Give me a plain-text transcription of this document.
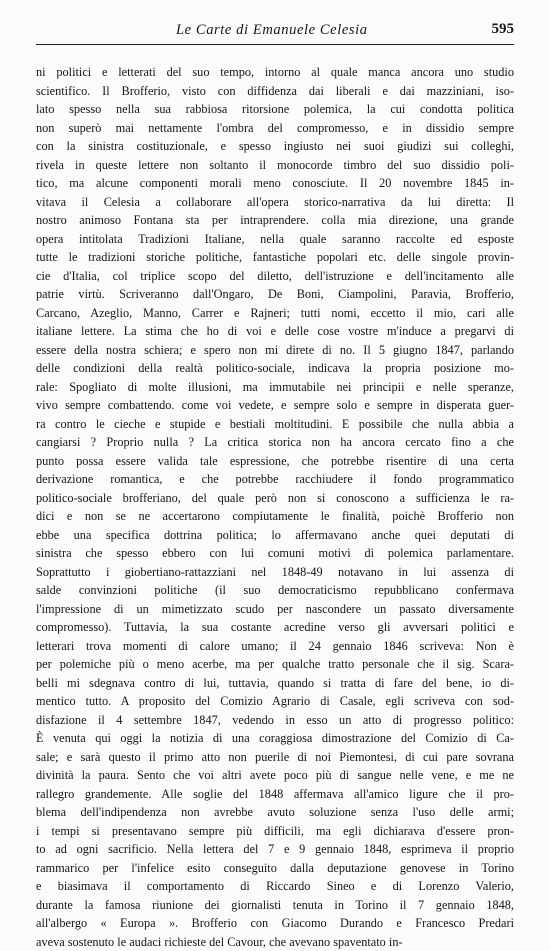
Le Carte di Emanuele Celesia	595
ni politici e letterati del suo tempo, intorno al quale manca ancora uno studio
scientifico. Il Brofferio, visto con diffidenza dai liberali e dai mazziniani, iso-
lato spesso nella sua rabbiosa ritorsione polemica, la cui condotta politica
non superò mai nettamente l'ombra del compromesso, e in dissidio sempre
con la sinistra costituzionale, e spesso ingiusto nei suoi giudizi sui colleghi,
rivela in queste lettere non soltanto il monocorde timbro del suo dissidio poli-
tico, ma alcune componenti morali meno conosciute. Il 20 novembre 1845 in-
vitava il Celesia a collaborare all'opera storico-narrativa da lui diretta: Il
nostro animoso Fontana sta per intraprendere. colla mia direzione, una grande
opera intitolata Tradizioni Italiane, nella quale saranno raccolte ed esposte
tutte le tradizioni storiche politiche, fantastiche popolari etc. delle singole provin-
cie d'Italia, col triplice scopo del diletto, dell'istruzione e dell'incitamento alle
patrie virtù. Scriveranno dall'Ongaro, De Boni, Ciampolini, Paravia, Brofferio,
Carcano, Azeglio, Manno, Carrer e Rajneri; tutti nomi, eccetto il mio, cari alle
italiane lettere. La stima che ho di voi e delle cose vostre m'induce a pregarvi di
essere della nostra schiera; e spero non mi direte di no. Il 5 giugno 1847, parlando
delle condizioni della realtà politico-sociale, indicava la propria posizione mo-
rale: Spogliato di molte illusioni, ma immutabile nei principii e nelle speranze,
vivo sempre combattendo. come voi vedete, e sempre solo e sempre in disperata guer-
ra contro le cieche e stupide e bestiali moltitudini. E possibile che nulla abbia a
cangiarsi ? Proprio nulla ? La critica storica non ha ancora cercato fino a che
punto possa essere valida tale espressione, che potrebbe risentire di una certa
derivazione romantica, e che potrebbe racchiudere il fondo programmatico
politico-sociale brofferiano, del quale però non si conoscono a sufficienza le ra-
dici e non se ne accertarono compiutamente le finalità, poichè Brofferio non
ebbe una specifica dottrina politica; lo affermavano anche quei deputati di
sinistra che spesso ebbero con lui comuni motivi di polemica parlamentare.
Soprattutto i giobertiano-rattazziani nel 1848-49 notavano in lui assenza di
salde convinzioni politiche (il suo democraticismo repubblicano confermava
l'impressione di un mimetizzato scudo per nascondere un passato diversamente
compromesso). Tuttavia, la sua costante acredine verso gli avversari politici e
letterari trova momenti di calore umano; il 24 gennaio 1846 scriveva: Non è
per polemiche più o meno acerbe, ma per qualche tratto personale che il sig. Scara-
belli mi sdegnava contro di lui, tuttavia, quando si tratta di fare del bene, io di-
mentico tutto. A proposito del Comizio Agrario di Casale, egli scriveva con sod-
disfazione il 4 settembre 1847, vedendo in esso un atto di progresso politico:
È venuta qui oggi la notizia di una coraggiosa dimostrazione del Comizio di Ca-
sale; e sarà questo il primo atto non puerile di noi Piemontesi, di cui pare sovrana
divinità la paura. Sento che voi altri avete poco più di sangue nelle vene, e me ne
rallegro grandemente. Alle soglie del 1848 affermava all'amico ligure che il pro-
blema dell'indipendenza non avrebbe avuto soluzione senza l'uso delle armi;
i tempi si presentavano sempre più difficili, ma egli dichiarava d'essere pron-
to ad ogni sacrificio. Nella lettera del 7 e 9 gennaio 1848, esprimeva il proprio
rammarico per l'infelice esito conseguito dalla deputazione genovese in Torino
e biasimava il comportamento di Riccardo Sineo e di Lorenzo Valerio,
durante la famosa riunione dei giornalisti tenuta in Torino il 7 gennaio 1848,
all'albergo « Europa ». Brofferio con Giacomo Durando e Francesco Predari
aveva sostenuto le audaci richieste del Cavour, che avevano spaventato in-
